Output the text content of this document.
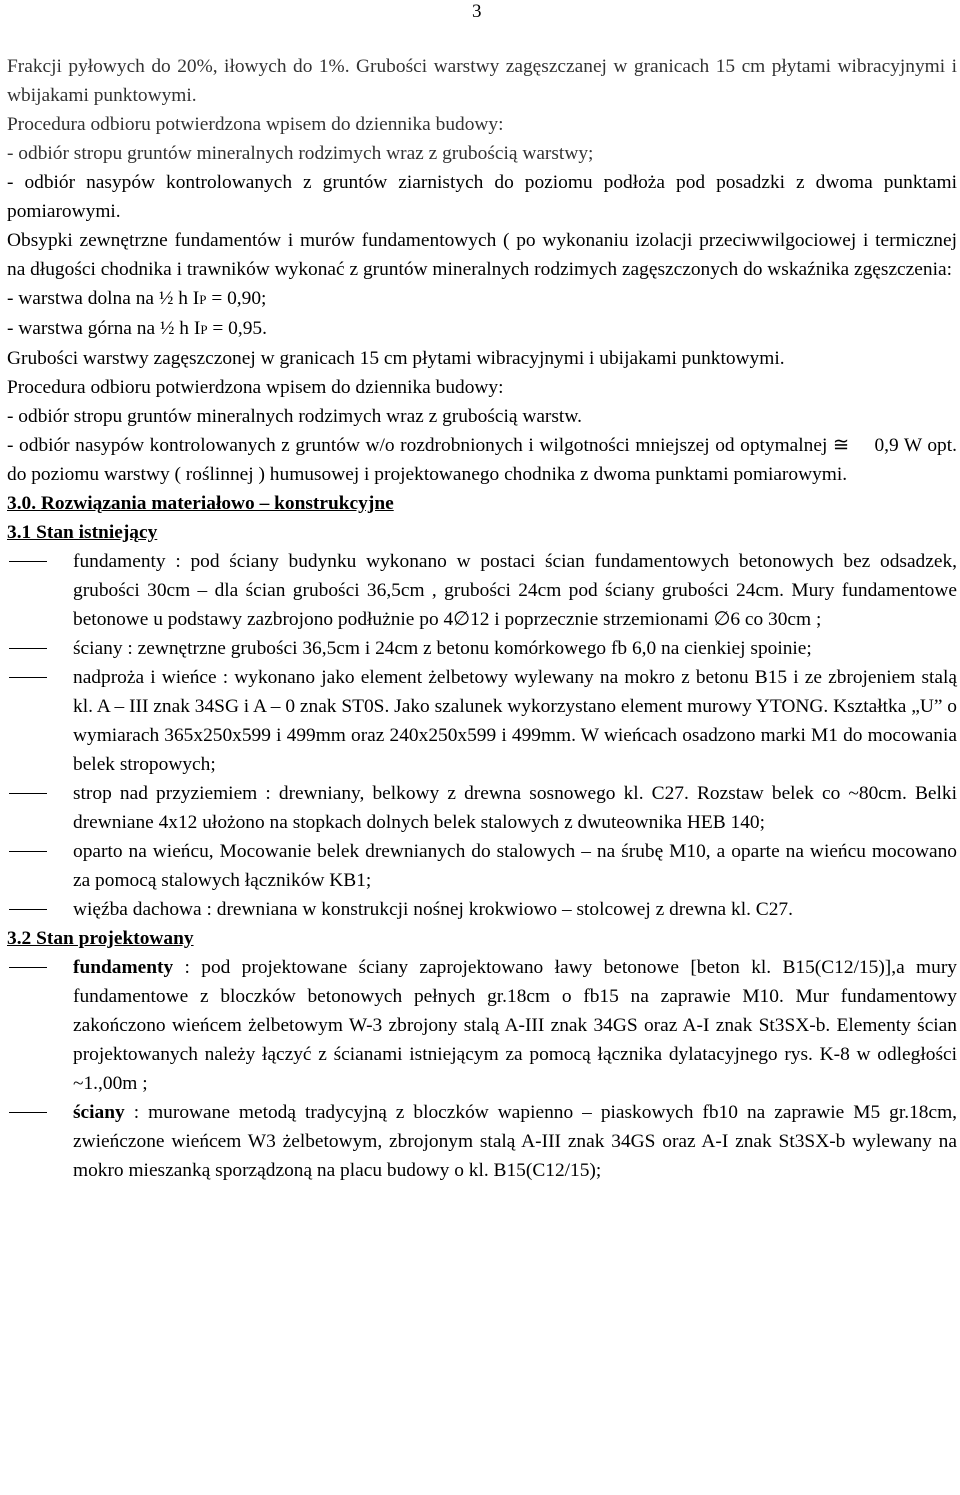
3

Frakcji pyłowych do 20%, iłowych do 1%. Grubości warstwy zagęszczanej w granicach 15 cm płytami wibracyjnymi i wbijakami punktowymi.

Procedura odbioru potwierdzona wpisem do dziennika budowy:

- odbiór stropu gruntów mineralnych rodzimych wraz z grubością warstwy;

- odbiór nasypów kontrolowanych z gruntów ziarnistych do poziomu podłoża pod posadzki z dwoma punktami pomiarowymi.

Obsypki zewnętrzne fundamentów i murów fundamentowych ( po wykonaniu izolacji przeciwwilgociowej i termicznej na długości chodnika i trawników wykonać z gruntów mineralnych rodzimych zagęszczonych do wskaźnika zgęszczenia:

- warstwa dolna na ½ h IP = 0,90;

- warstwa górna na ½ h IP = 0,95.

Grubości warstwy zagęszczonej w granicach 15 cm płytami wibracyjnymi i ubijakami punktowymi.

Procedura odbioru potwierdzona wpisem do dziennika budowy:

- odbiór stropu gruntów mineralnych rodzimych wraz z grubością warstw.

- odbiór nasypów kontrolowanych z gruntów w/o rozdrobnionych i wilgotności mniejszej od optymalnej ≅ 0,9 W opt. do poziomu warstwy ( roślinnej ) humusowej i projektowanego chodnika z dwoma punktami pomiarowymi.

3.0. Rozwiązania materiałowo – konstrukcyjne

3.1 Stan istniejący

fundamenty : pod ściany budynku wykonano w postaci ścian fundamentowych betonowych bez odsadzek, grubości 30cm – dla ścian grubości 36,5cm , grubości 24cm pod ściany grubości 24cm. Mury fundamentowe betonowe u podstawy zazbrojono podłużnie po 4∅12 i poprzecznie strzemionami ∅6 co 30cm ;

ściany : zewnętrzne grubości 36,5cm i 24cm z betonu komórkowego fb 6,0 na cienkiej spoinie;

nadproża i wieńce : wykonano jako element żelbetowy wylewany na mokro z betonu B15 i ze zbrojeniem stalą kl. A – III znak 34SG i A – 0 znak ST0S. Jako szalunek wykorzystano element murowy YTONG. Kształtka „U” o wymiarach 365x250x599 i 499mm oraz 240x250x599 i 499mm. W wieńcach osadzono marki M1 do mocowania belek stropowych;

strop nad przyziemiem : drewniany, belkowy z drewna sosnowego kl. C27. Rozstaw belek co ~80cm. Belki drewniane 4x12 ułożono na stopkach dolnych belek stalowych z dwuteownika HEB 140;

oparto na wieńcu, Mocowanie belek drewnianych do stalowych – na śrubę M10, a oparte na wieńcu mocowano za pomocą stalowych łączników KB1;

więźba dachowa : drewniana w konstrukcji nośnej krokwiowo – stolcowej z drewna kl. C27.

3.2 Stan projektowany

fundamenty : pod projektowane ściany zaprojektowano ławy betonowe [beton kl. B15(C12/15)],a mury fundamentowe z bloczków betonowych pełnych gr.18cm o fb15 na zaprawie M10. Mur fundamentowy zakończono wieńcem żelbetowym W-3 zbrojony stalą A-III znak 34GS oraz A-I znak St3SX-b. Elementy ścian projektowanych należy łączyć z ścianami istniejącym za pomocą łącznika dylatacyjnego rys. K-8 w odległości ~1.,00m ;

ściany : murowane metodą tradycyjną z bloczków wapienno – piaskowych fb10 na zaprawie M5 gr.18cm, zwieńczone wieńcem W3 żelbetowym, zbrojonym stalą A-III znak 34GS oraz A-I znak St3SX-b wylewany na mokro mieszanką sporządzoną na placu budowy o kl. B15(C12/15);
